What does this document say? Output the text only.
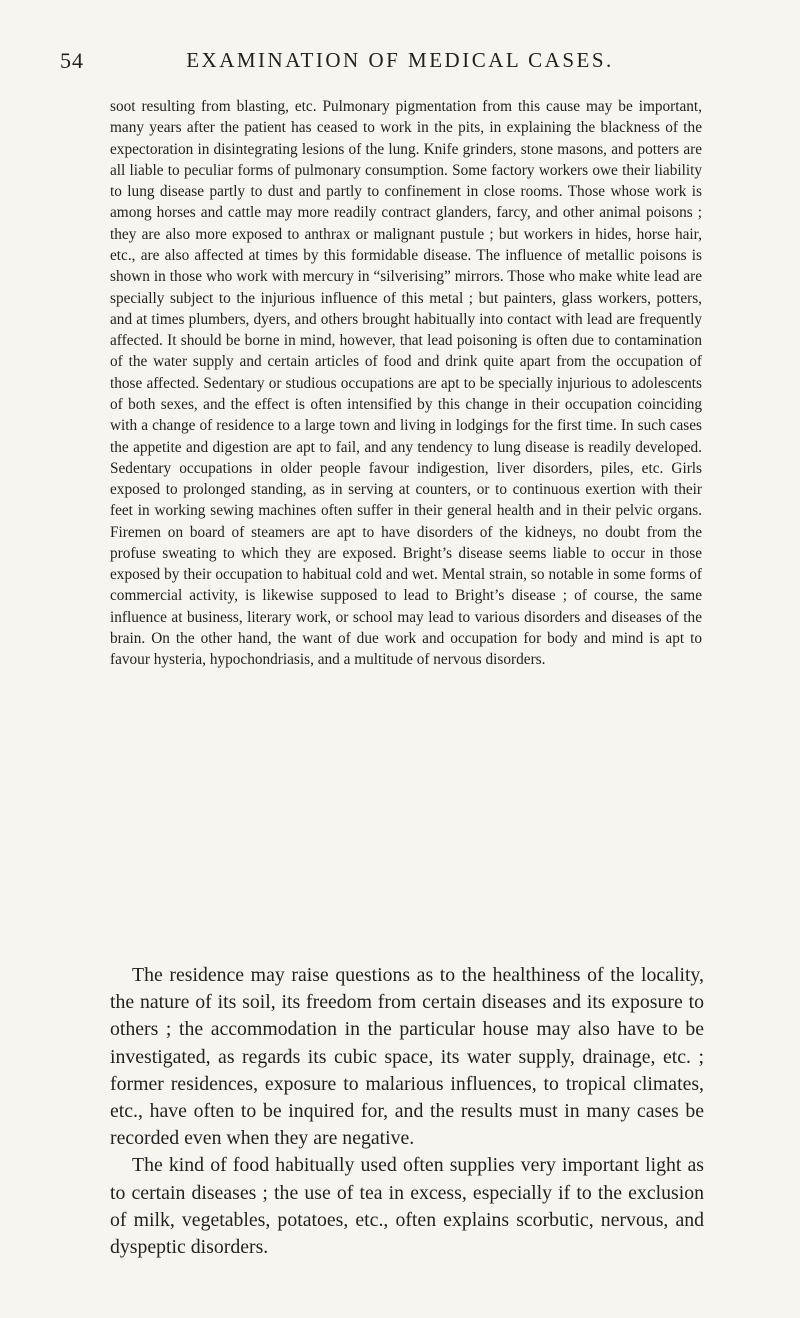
54	EXAMINATION OF MEDICAL CASES.

soot resulting from blasting, etc. Pulmonary pigmentation from this cause may be important, many years after the patient has ceased to work in the pits, in explaining the blackness of the expectoration in disintegrating lesions of the lung. Knife grinders, stone masons, and potters are all liable to peculiar forms of pulmonary consumption. Some factory workers owe their liability to lung disease partly to dust and partly to confinement in close rooms. Those whose work is among horses and cattle may more readily contract glanders, farcy, and other animal poisons ; they are also more exposed to anthrax or malignant pustule ; but workers in hides, horse hair, etc., are also affected at times by this formidable disease. The influence of metallic poisons is shown in those who work with mercury in “silverising” mirrors. Those who make white lead are specially subject to the injurious influence of this metal ; but painters, glass workers, potters, and at times plumbers, dyers, and others brought habitually into contact with lead are frequently affected. It should be borne in mind, however, that lead poisoning is often due to contamination of the water supply and certain articles of food and drink quite apart from the occupation of those affected. Sedentary or studious occupations are apt to be specially injurious to adolescents of both sexes, and the effect is often intensified by this change in their occupation coinciding with a change of residence to a large town and living in lodgings for the first time. In such cases the appetite and digestion are apt to fail, and any tendency to lung disease is readily developed. Sedentary occupations in older people favour indigestion, liver disorders, piles, etc. Girls exposed to prolonged standing, as in serving at counters, or to continuous exertion with their feet in working sewing machines often suffer in their general health and in their pelvic organs. Firemen on board of steamers are apt to have disorders of the kidneys, no doubt from the profuse sweating to which they are exposed. Bright’s disease seems liable to occur in those exposed by their occupation to habitual cold and wet. Mental strain, so notable in some forms of commercial activity, is likewise supposed to lead to Bright’s disease ; of course, the same influence at business, literary work, or school may lead to various disorders and diseases of the brain. On the other hand, the want of due work and occupation for body and mind is apt to favour hysteria, hypochondriasis, and a multitude of nervous disorders.

The residence may raise questions as to the healthiness of the locality, the nature of its soil, its freedom from certain diseases and its exposure to others ; the accommodation in the particular house may also have to be investigated, as regards its cubic space, its water supply, drainage, etc. ; former residences, exposure to malarious influences, to tropical climates, etc., have often to be inquired for, and the results must in many cases be recorded even when they are negative.

The kind of food habitually used often supplies very important light as to certain diseases ; the use of tea in excess, especially if to the exclusion of milk, vegetables, potatoes, etc., often explains scorbutic, nervous, and dyspeptic disorders.
